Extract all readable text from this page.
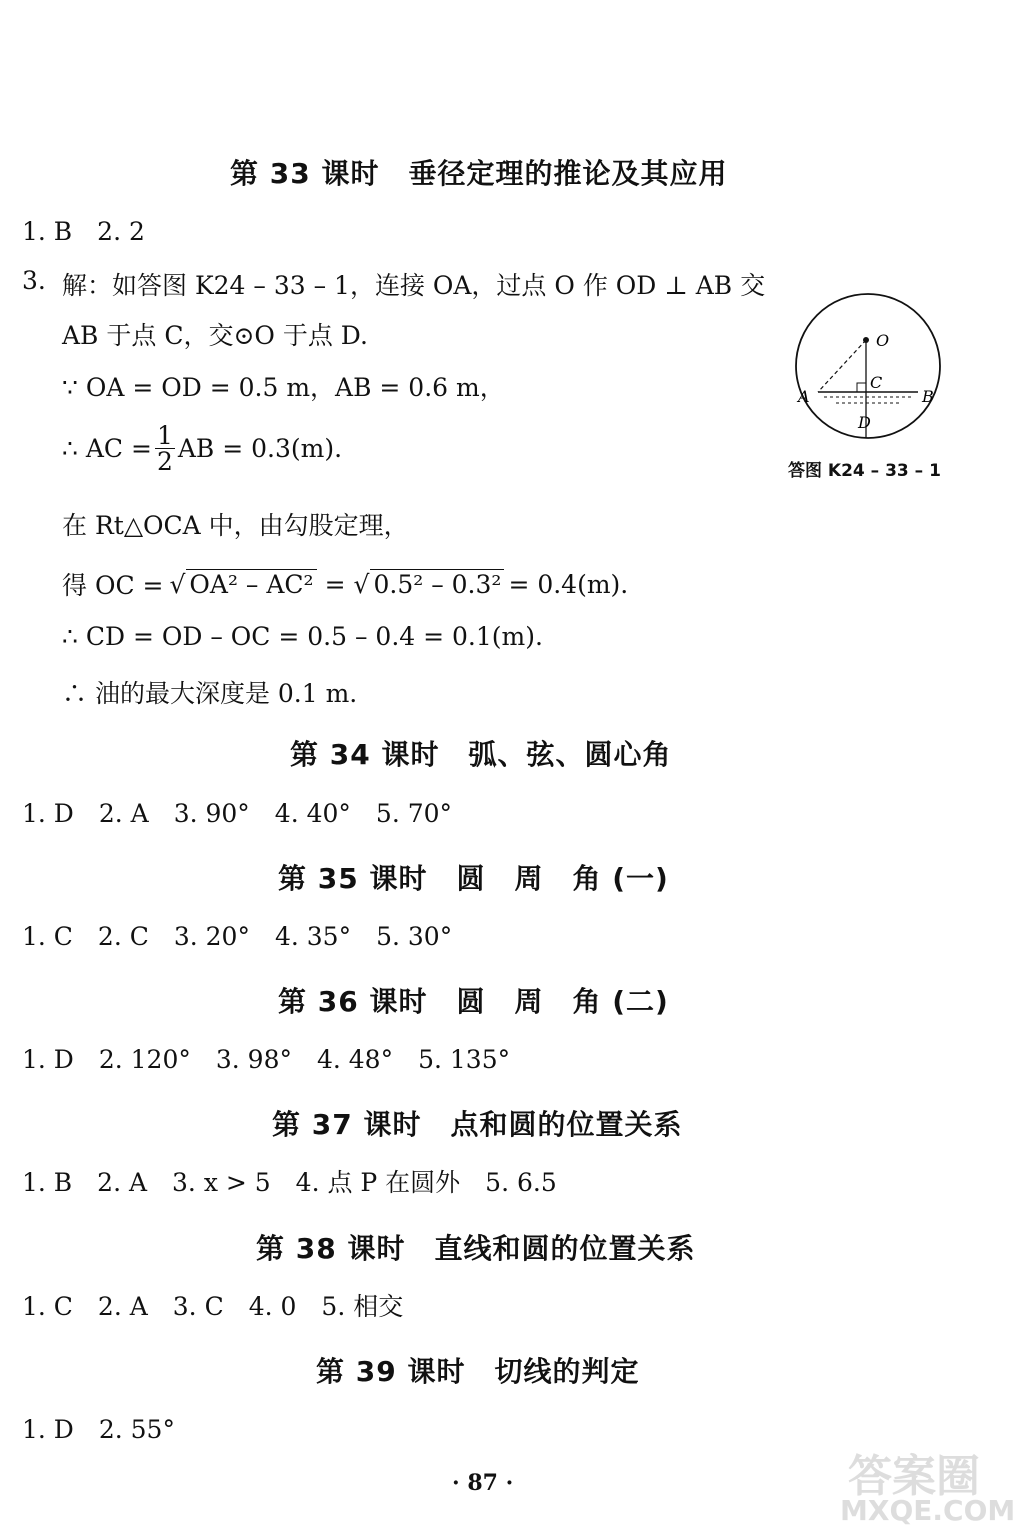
第 33 课时　垂径定理的推论及其应用
1. B　2. 2
3. 解：如答图 K24 – 33 – 1，连接 OA，过点 O 作 OD ⊥ AB 交
AB 于点 C，交⊙O 于点 D.
∵ OA = OD = 0.5 m，AB = 0.6 m，
∴ AC = $\frac{1}{2}$ AB = 0.3(m).
在 Rt△OCA 中，由勾股定理，
得 OC = √ OA² – AC² = √ 0.5² – 0.3² = 0.4(m).
∴ CD = OD – OC = 0.5 – 0.4 = 0.1(m).
∴ 油的最大深度是 0.1 m.
O
A	B
C
D
答图 K24 – 33 – 1
第 34 课时　弧、弦、圆心角
1. D　2. A　3. 90°　4. 40°　5. 70°
第 35 课时　圆　周　角 (一)
1. C　2. C　3. 20°　4. 35°　5. 30°
第 36 课时　圆　周　角 (二)
1. D　2. 120°　3. 98°　4. 48°　5. 135°
第 37 课时　点和圆的位置关系
1. B　2. A　3. x > 5　4. 点 P 在圆外　5. 6.5
第 38 课时　直线和圆的位置关系
1. C　2. A　3. C　4. 0　5. 相交
第 39 课时　切线的判定
1. D　2. 55°
· 87 ·	答案圈
MXQE.COM
